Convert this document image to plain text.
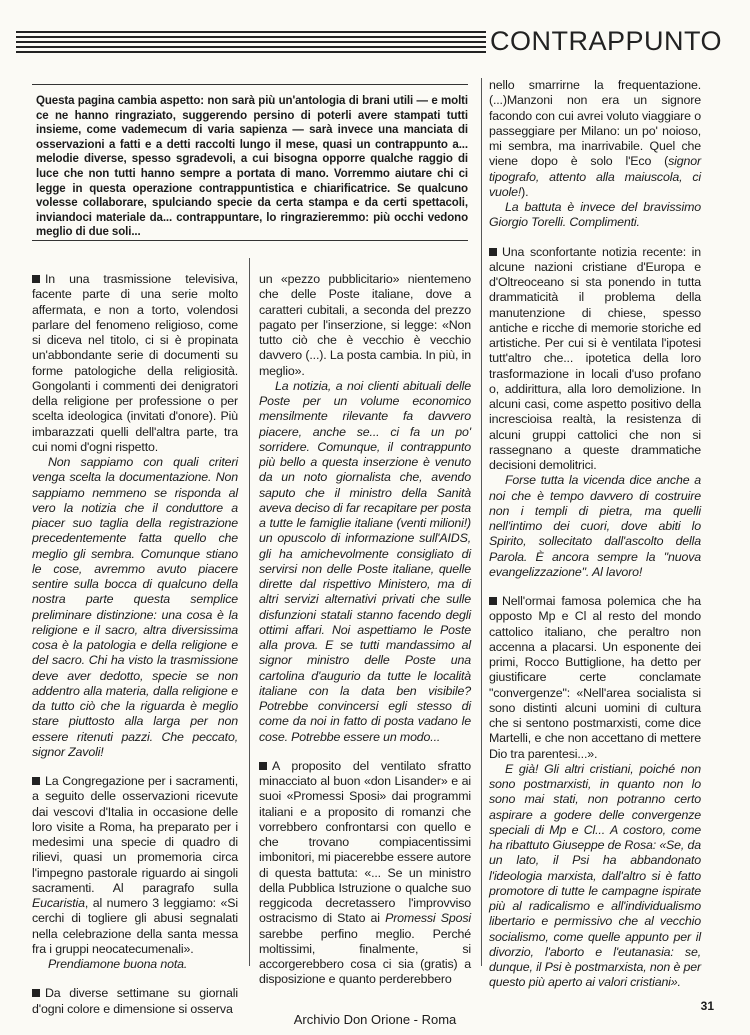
CONTRAPPUNTO
Questa pagina cambia aspetto: non sarà più un'antologia di brani utili — e molti ce ne hanno ringraziato, suggerendo persino di poterli avere stampati tutti insieme, come vademecum di varia sapienza — sarà invece una manciata di osservazioni a fatti e a detti raccolti lungo il mese, quasi un contrappunto a... melodie diverse, spesso sgradevoli, a cui bisogna opporre qualche raggio di luce che non tutti hanno sempre a portata di mano. Vorremmo aiutare chi ci legge in questa operazione contrappuntistica e chiarificatrice. Se qualcuno volesse collaborare, spulciando specie da certa stampa e da certi spettacoli, inviandoci materiale da... contrappuntare, lo ringrazieremmo: più occhi vedono meglio di due soli...

In una trasmissione televisiva, facente parte di una serie molto affermata, e non a torto, volendosi parlare del fenomeno religioso, come si diceva nel titolo, ci si è propinata un'abbondante serie di documenti su forme patologiche della religiosità. Gongolanti i commenti dei denigratori della religione per professione o per scelta ideologica (invitati d'onore). Più imbarazzati quelli dell'altra parte, tra cui nomi d'ogni rispetto.

Non sappiamo con quali criteri venga scelta la documentazione. Non sappiamo nemmeno se risponda al vero la notizia che il conduttore a piacer suo taglia della registrazione precedentemente fatta quello che meglio gli sembra. Comunque stiano le cose, avremmo avuto piacere sentire sulla bocca di qualcuno della nostra parte questa semplice preliminare distinzione: una cosa è la religione e il sacro, altra diversissima cosa è la patologia e della religione e del sacro. Chi ha visto la trasmissione deve aver dedotto, specie se non addentro alla materia, dalla religione e da tutto ciò che la riguarda è meglio stare piuttosto alla larga per non essere ritenuti pazzi. Che peccato, signor Zavoli!

La Congregazione per i sacramenti, a seguito delle osservazioni ricevute dai vescovi d'Italia in occasione delle loro visite a Roma, ha preparato per i medesimi una specie di quadro di rilievi, quasi un promemoria circa l'impegno pastorale riguardo ai singoli sacramenti. Al paragrafo sulla Eucaristia, al numero 3 leggiamo: «Si cerchi di togliere gli abusi segnalati nella celebrazione della santa messa fra i gruppi neocatecumenali».

Prendiamone buona nota.

Da diverse settimane su giornali d'ogni colore e dimensione si osserva

un «pezzo pubblicitario» nientemeno che delle Poste italiane, dove a caratteri cubitali, a seconda del prezzo pagato per l'inserzione, si legge: «Non tutto ciò che è vecchio è vecchio davvero (...). La posta cambia. In più, in meglio».

La notizia, a noi clienti abituali delle Poste per un volume economico mensilmente rilevante fa davvero piacere, anche se... ci fa un po' sorridere. Comunque, il contrappunto più bello a questa inserzione è venuto da un noto giornalista che, avendo saputo che il ministro della Sanità aveva deciso di far recapitare per posta a tutte le famiglie italiane (venti milioni!) un opuscolo di informazione sull'AIDS, gli ha amichevolmente consigliato di servirsi non delle Poste italiane, quelle dirette dal rispettivo Ministero, ma di altri servizi alternativi privati che sulle disfunzioni statali stanno facendo degli ottimi affari. Noi aspettiamo le Poste alla prova. E se tutti mandassimo al signor ministro delle Poste una cartolina d'augurio da tutte le località italiane con la data ben visibile? Potrebbe convincersi egli stesso di come da noi in fatto di posta vadano le cose. Potrebbe essere un modo...

A proposito del ventilato sfratto minacciato al buon «don Lisander» e ai suoi «Promessi Sposi» dai programmi italiani e a proposito di romanzi che vorrebbero confrontarsi con quello e che trovano compiacentissimi imbonitori, mi piacerebbe essere autore di questa battuta: «... Se un ministro della Pubblica Istruzione o qualche suo reggicoda decretassero l'improvviso ostracismo di Stato ai Promessi Sposi sarebbe perfino meglio. Perché moltissimi, finalmente, si accorgerebbero cosa ci sia (gratis) a disposizione e quanto perderebbero

nello smarrirne la frequentazione. (...)Manzoni non era un signore facondo con cui avrei voluto viaggiare o passeggiare per Milano: un po' noioso, mi sembra, ma inarrivabile. Quel che viene dopo è solo l'Eco (signor tipografo, attento alla maiuscola, ci vuole!).

La battuta è invece del bravissimo Giorgio Torelli. Complimenti.

Una sconfortante notizia recente: in alcune nazioni cristiane d'Europa e d'Oltreoceano si sta ponendo in tutta drammaticità il problema della manutenzione di chiese, spesso antiche e ricche di memorie storiche ed artistiche. Per cui si è ventilata l'ipotesi tutt'altro che... ipotetica della loro trasformazione in locali d'uso profano o, addirittura, alla loro demolizione. In alcuni casi, come aspetto positivo della increscioisa realtà, la resistenza di alcuni gruppi cattolici che non si rassegnano a queste drammatiche decisioni demolitrici.

Forse tutta la vicenda dice anche a noi che è tempo davvero di costruire non i templi di pietra, ma quelli nell'intimo dei cuori, dove abiti lo Spirito, sollecitato dall'ascolto della Parola. È ancora sempre la "nuova evangelizzazione". Al lavoro!

Nell'ormai famosa polemica che ha opposto Mp e Cl al resto del mondo cattolico italiano, che peraltro non accenna a placarsi. Un esponente dei primi, Rocco Buttiglione, ha detto per giustificare certe conclamate "convergenze": «Nell'area socialista si sono distinti alcuni uomini di cultura che si sentono postmarxisti, come dice Martelli, e che non accettano di mettere Dio tra parentesi...».

E già! Gli altri cristiani, poiché non sono postmarxisti, in quanto non lo sono mai stati, non potranno certo aspirare a godere delle convergenze speciali di Mp e Cl... A costoro, come ha ribattuto Giuseppe de Rosa: «Se, da un lato, il Psi ha abbandonato l'ideologia marxista, dall'altro si è fatto promotore di tutte le campagne ispirate più al radicalismo e all'individualismo libertario e permissivo che al vecchio socialismo, come quelle appunto per il divorzio, l'aborto e l'eutanasia: se, dunque, il Psi è postmarxista, non è per questo più aperto ai valori cristiani».

31
Archivio Don Orione - Roma
